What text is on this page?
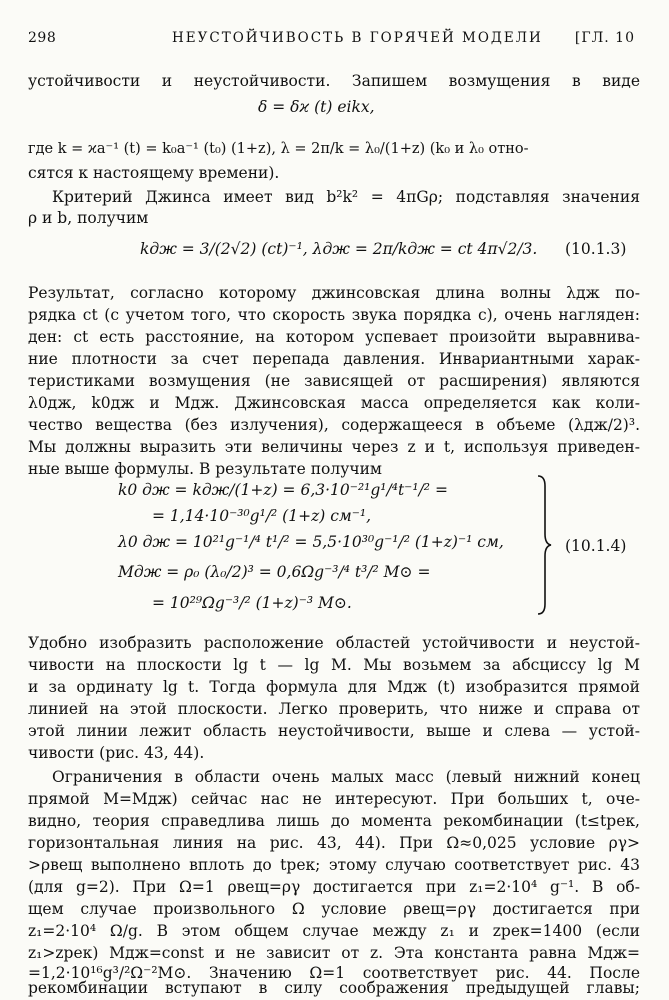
298	НЕУСТОЙЧИВОСТЬ В ГОРЯЧЕЙ МОДЕЛИ [ГЛ. 10
устойчивости и неустойчивости. Запишем возмущения в виде
δ = δϰ (t) eikx,
где k = ϰa⁻¹ (t) = k₀a⁻¹ (t₀) (1+z), λ = 2π/k = λ₀/(1+z) (k₀ и λ₀ отно-
сятся к настоящему времени).
Критерий Джинса имеет вид b²k² = 4πGρ; подставляя значения
ρ и b, получим
kдж = 3/(2√2) (ct)⁻¹, λдж = 2π/kдж = ct 4π√2/3. (10.1.3)
Результат, согласно которому джинсовская длина волны λдж по-
рядка ct (с учетом того, что скорость звука порядка c), очень нагляден:
ден: ct есть расстояние, на котором успевает произойти выравнива-
ние плотности за счет перепада давления. Инвариантными харак-
теристиками возмущения (не зависящей от расширения) являются
λ0дж, k0дж и Mдж. Джинсовская масса определяется как коли-
чество вещества (без излучения), содержащееся в объеме (λдж/2)³.
Мы должны выразить эти величины через z и t, используя приведен-
ные выше формулы. В результате получим
k0 дж = kдж/(1+z) = 6,3·10⁻²¹g¹/⁴t⁻¹/² =
= 1,14·10⁻³⁰g¹/² (1+z) см⁻¹,
λ0 дж = 10²¹g⁻¹/⁴ t¹/² = 5,5·10³⁰g⁻¹/² (1+z)⁻¹ см,
Mдж = ρ₀ (λ₀/2)³ = 0,6Ωg⁻³/⁴ t³/² M⊙ =
= 10²⁹Ωg⁻³/² (1+z)⁻³ M⊙.
(10.1.4)
Удобно изобразить расположение областей устойчивости и неустой-
чивости на плоскости lg t — lg M. Мы возьмем за абсциссу lg M
и за ординату lg t. Тогда формула для Mдж (t) изобразится прямой
линией на этой плоскости. Легко проверить, что ниже и справа от
этой линии лежит область неустойчивости, выше и слева — устой-
чивости (рис. 43, 44).
Ограничения в области очень малых масс (левый нижний конец
прямой M=Mдж) сейчас нас не интересуют. При больших t, оче-
видно, теория справедлива лишь до момента рекомбинации (t≤tрек,
горизонтальная линия на рис. 43, 44). При Ω≈0,025 условие ργ>
>ρвещ выполнено вплоть до tрек; этому случаю соответствует рис. 43
(для g=2). При Ω=1 ρвещ=ργ достигается при z₁=2·10⁴ g⁻¹. В об-
щем случае произвольного Ω условие ρвещ=ργ достигается при
z₁=2·10⁴ Ω/g. В этом общем случае между z₁ и zрек=1400 (если
z₁>zрек) Mдж=const и не зависит от z. Эта константа равна Mдж=
=1,2·10¹⁶g³/²Ω⁻²M⊙. Значению Ω=1 соответствует рис. 44. После
рекомбинации вступают в силу соображения предыдущей главы;
